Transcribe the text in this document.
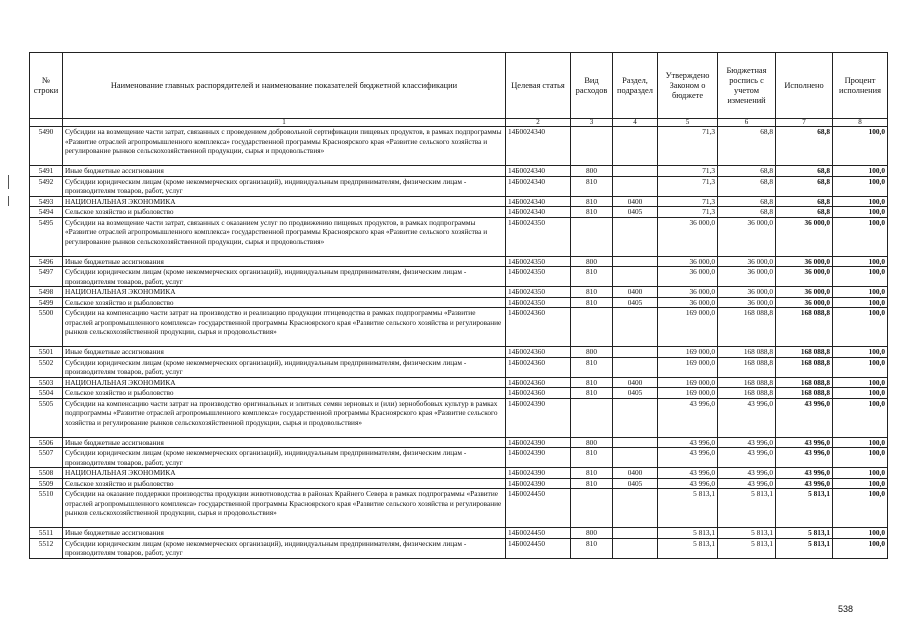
№ строки	Наименование главных распорядителей и наименование показателей бюджетной классификации	Целевая статья	Вид расходов	Раздел, подраздел	Утверждено Законом о бюджете	Бюджетная роспись с учетом изменений	Исполнено	Процент исполнения
	1	2	3	4	5	6	7	8
5490	Субсидии на возмещение части затрат, связанных с проведением добровольной сертификации пищевых продуктов, в рамках подпрограммы «Развитие отраслей агропромышленного комплекса» государственной программы Красноярского края «Развитие сельского хозяйства и регулирование рынков сельскохозяйственной продукции, сырья и продовольствия»	14Б0024340			71,3	68,8	68,8	100,0
5491	Иные бюджетные ассигнования	14Б0024340	800		71,3	68,8	68,8	100,0
5492	Субсидии юридическим лицам (кроме некоммерческих организаций), индивидуальным предпринимателям, физическим лицам - производителям товаров, работ, услуг	14Б0024340	810		71,3	68,8	68,8	100,0
5493	НАЦИОНАЛЬНАЯ ЭКОНОМИКА	14Б0024340	810	0400	71,3	68,8	68,8	100,0
5494	Сельское хозяйство и рыболовство	14Б0024340	810	0405	71,3	68,8	68,8	100,0
5495	Субсидии на возмещение части затрат, связанных с оказанием услуг по продвижению пищевых продуктов, в рамках подпрограммы «Развитие отраслей агропромышленного комплекса» государственной программы Красноярского края «Развитие сельского хозяйства и регулирование рынков сельскохозяйственной продукции, сырья и продовольствия»	14Б0024350			36 000,0	36 000,0	36 000,0	100,0
5496	Иные бюджетные ассигнования	14Б0024350	800		36 000,0	36 000,0	36 000,0	100,0
5497	Субсидии юридическим лицам (кроме некоммерческих организаций), индивидуальным предпринимателям, физическим лицам - производителям товаров, работ, услуг	14Б0024350	810		36 000,0	36 000,0	36 000,0	100,0
5498	НАЦИОНАЛЬНАЯ ЭКОНОМИКА	14Б0024350	810	0400	36 000,0	36 000,0	36 000,0	100,0
5499	Сельское хозяйство и рыболовство	14Б0024350	810	0405	36 000,0	36 000,0	36 000,0	100,0
5500	Субсидии на компенсацию части затрат на производство и реализацию продукции птицеводства в рамках подпрограммы «Развитие отраслей агропромышленного комплекса» государственной программы Красноярского края «Развитие сельского хозяйства и регулирование рынков сельскохозяйственной продукции, сырья и продовольствия»	14Б0024360			169 000,0	168 088,8	168 088,8	100,0
5501	Иные бюджетные ассигнования	14Б0024360	800		169 000,0	168 088,8	168 088,8	100,0
5502	Субсидии юридическим лицам (кроме некоммерческих организаций), индивидуальным предпринимателям, физическим лицам - производителям товаров, работ, услуг	14Б0024360	810		169 000,0	168 088,8	168 088,8	100,0
5503	НАЦИОНАЛЬНАЯ ЭКОНОМИКА	14Б0024360	810	0400	169 000,0	168 088,8	168 088,8	100,0
5504	Сельское хозяйство и рыболовство	14Б0024360	810	0405	169 000,0	168 088,8	168 088,8	100,0
5505	Субсидии на компенсацию части затрат на производство оригинальных и элитных семян зерновых и (или) зернобобовых культур в рамках подпрограммы «Развитие отраслей агропромышленного комплекса» государственной программы Красноярского края «Развитие сельского хозяйства и регулирование рынков сельскохозяйственной продукции, сырья и продовольствия»	14Б0024390			43 996,0	43 996,0	43 996,0	100,0
5506	Иные бюджетные ассигнования	14Б0024390	800		43 996,0	43 996,0	43 996,0	100,0
5507	Субсидии юридическим лицам (кроме некоммерческих организаций), индивидуальным предпринимателям, физическим лицам - производителям товаров, работ, услуг	14Б0024390	810		43 996,0	43 996,0	43 996,0	100,0
5508	НАЦИОНАЛЬНАЯ ЭКОНОМИКА	14Б0024390	810	0400	43 996,0	43 996,0	43 996,0	100,0
5509	Сельское хозяйство и рыболовство	14Б0024390	810	0405	43 996,0	43 996,0	43 996,0	100,0
5510	Субсидии на оказание поддержки производства продукции животноводства в районах Крайнего Севера в рамках подпрограммы «Развитие отраслей агропромышленного комплекса» государственной программы Красноярского края «Развитие сельского хозяйства и регулирование рынков сельскохозяйственной продукции, сырья и продовольствия»	14Б0024450			5 813,1	5 813,1	5 813,1	100,0
5511	Иные бюджетные ассигнования	14Б0024450	800		5 813,1	5 813,1	5 813,1	100,0
5512	Субсидии юридическим лицам (кроме некоммерческих организаций), индивидуальным предпринимателям, физическим лицам - производителям товаров, работ, услуг	14Б0024450	810		5 813,1	5 813,1	5 813,1	100,0
538
